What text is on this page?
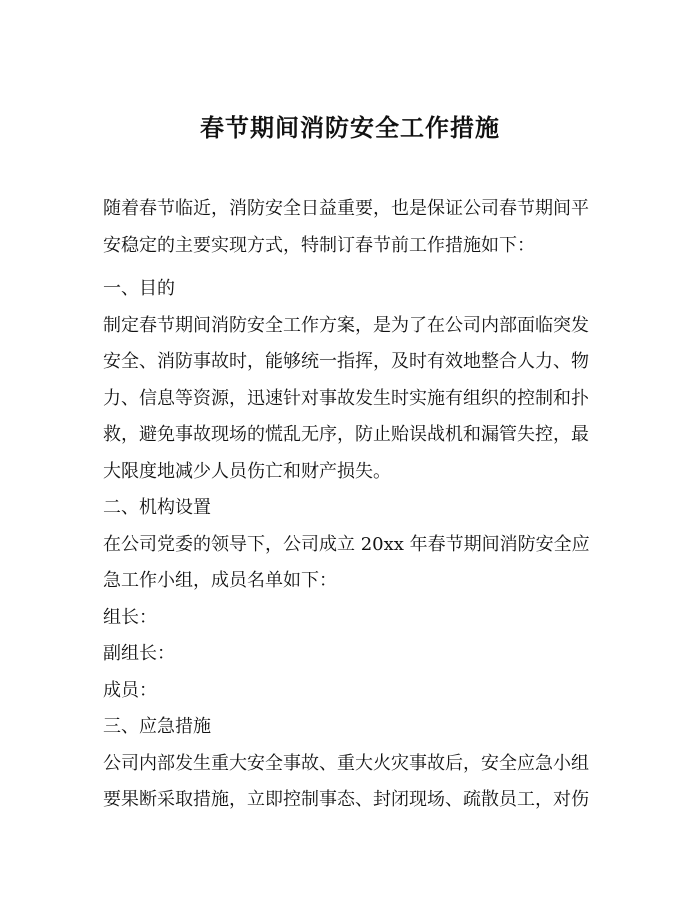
春节期间消防安全工作措施
随着春节临近，消防安全日益重要，也是保证公司春节期间平
安稳定的主要实现方式，特制订春节前工作措施如下：
一、目的
制定春节期间消防安全工作方案，是为了在公司内部面临突发
安全、消防事故时，能够统一指挥，及时有效地整合人力、物
力、信息等资源，迅速针对事故发生时实施有组织的控制和扑
救，避免事故现场的慌乱无序，防止贻误战机和漏管失控，最
大限度地减少人员伤亡和财产损失。
二、机构设置
在公司党委的领导下，公司成立 20xx 年春节期间消防安全应
急工作小组，成员名单如下：
组长：
副组长：
成员：
三、应急措施
公司内部发生重大安全事故、重大火灾事故后，安全应急小组
要果断采取措施，立即控制事态、封闭现场、疏散员工，对伤
